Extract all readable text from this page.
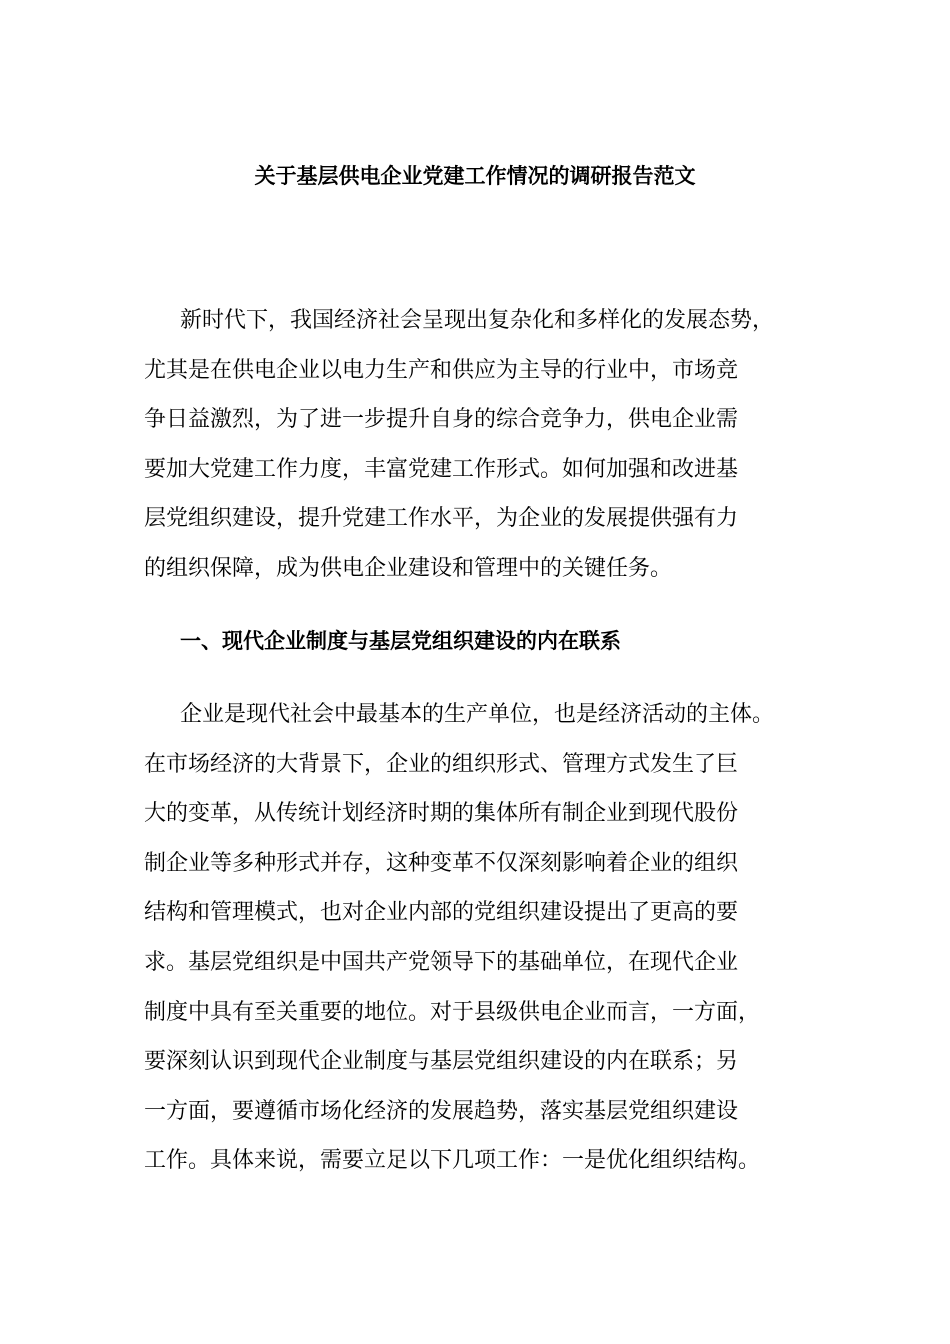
关于基层供电企业党建工作情况的调研报告范文
新时代下，我国经济社会呈现出复杂化和多样化的发展态势，
尤其是在供电企业以电力生产和供应为主导的行业中，市场竞
争日益激烈，为了进一步提升自身的综合竞争力，供电企业需
要加大党建工作力度，丰富党建工作形式。如何加强和改进基
层党组织建设，提升党建工作水平，为企业的发展提供强有力
的组织保障，成为供电企业建设和管理中的关键任务。
一、现代企业制度与基层党组织建设的内在联系
企业是现代社会中最基本的生产单位，也是经济活动的主体。
在市场经济的大背景下，企业的组织形式、管理方式发生了巨
大的变革，从传统计划经济时期的集体所有制企业到现代股份
制企业等多种形式并存，这种变革不仅深刻影响着企业的组织
结构和管理模式，也对企业内部的党组织建设提出了更高的要
求。基层党组织是中国共产党领导下的基础单位，在现代企业
制度中具有至关重要的地位。对于县级供电企业而言，一方面，
要深刻认识到现代企业制度与基层党组织建设的内在联系；另
一方面，要遵循市场化经济的发展趋势，落实基层党组织建设
工作。具体来说，需要立足以下几项工作：一是优化组织结构。
